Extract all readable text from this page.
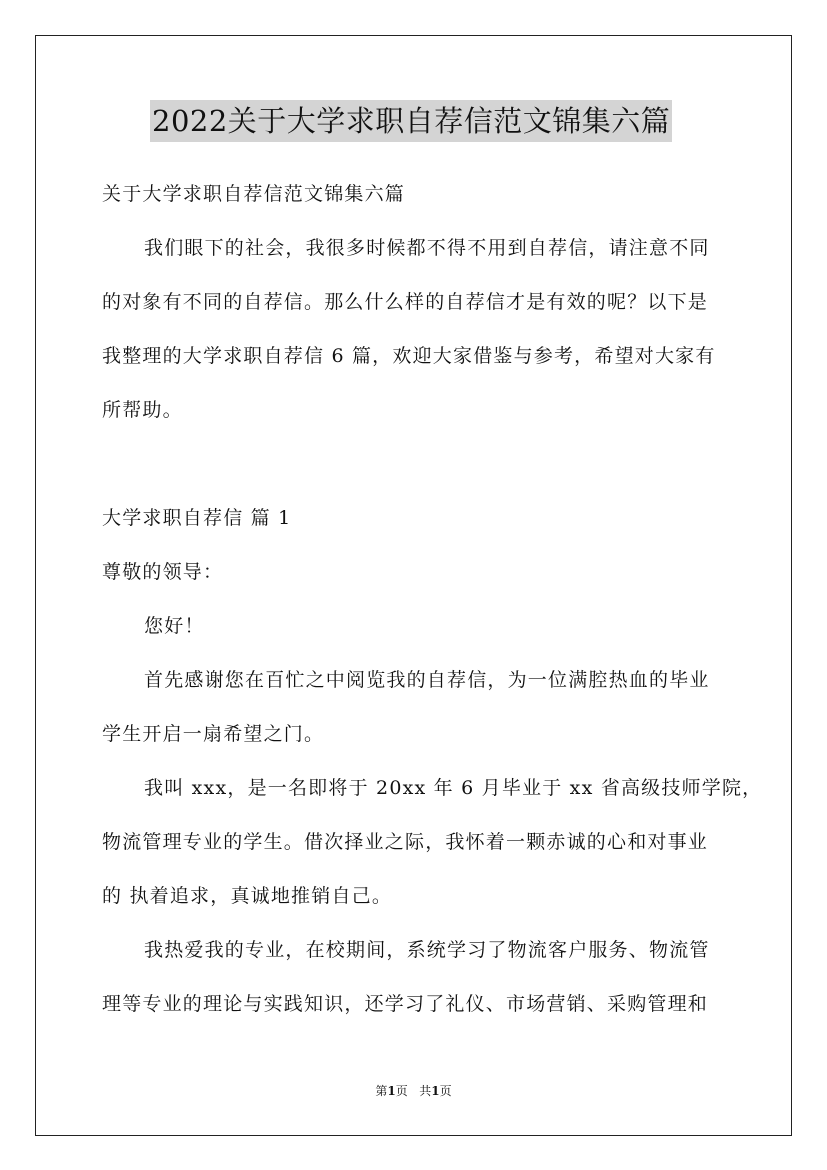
2022关于大学求职自荐信范文锦集六篇
关于大学求职自荐信范文锦集六篇
我们眼下的社会，我很多时候都不得不用到自荐信，请注意不同
的对象有不同的自荐信。那么什么样的自荐信才是有效的呢？以下是
我整理的大学求职自荐信 6 篇，欢迎大家借鉴与参考，希望对大家有
所帮助。
大学求职自荐信 篇 1
尊敬的领导：
您好！
首先感谢您在百忙之中阅览我的自荐信，为一位满腔热血的毕业
学生开启一扇希望之门。
我叫 xxx，是一名即将于 20xx 年 6 月毕业于 xx 省高级技师学院，
物流管理专业的学生。借次择业之际，我怀着一颗赤诚的心和对事业
的 执着追求，真诚地推销自己。
我热爱我的专业，在校期间，系统学习了物流客户服务、物流管
理等专业的理论与实践知识，还学习了礼仪、市场营销、采购管理和
第1页 共1页
